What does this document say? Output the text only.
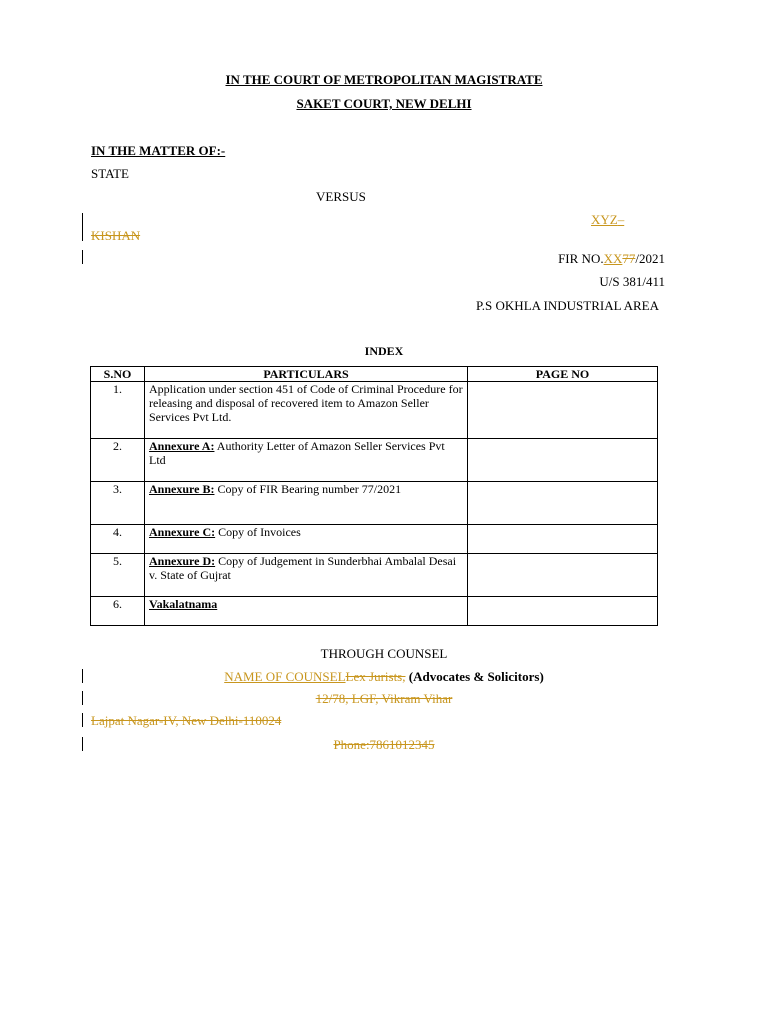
IN THE COURT OF METROPOLITAN MAGISTRATE
SAKET COURT, NEW DELHI
IN THE MATTER OF:-
STATE
VERSUS
XYZ–
KISHAN
FIR NO.XX77/2021
U/S 381/411
P.S OKHLA INDUSTRIAL AREA
INDEX
S.NO	PARTICULARS	PAGE NO
1.	Application under section 451 of Code of Criminal Procedure for releasing and disposal of recovered item to Amazon Seller Services Pvt Ltd.	
2.	Annexure A: Authority Letter of Amazon Seller Services Pvt Ltd	
3.	Annexure B: Copy of FIR Bearing number 77/2021	
4.	Annexure C: Copy of Invoices	
5.	Annexure D: Copy of Judgement in Sunderbhai Ambalal Desai v. State of Gujrat	
6.	Vakalatnama	
THROUGH COUNSEL
NAME OF COUNSELLex Jurists, (Advocates & Solicitors)
12/78, LGF, Vikram Vihar
Lajpat Nagar-IV, New Delhi-110024
Phone:7861012345
